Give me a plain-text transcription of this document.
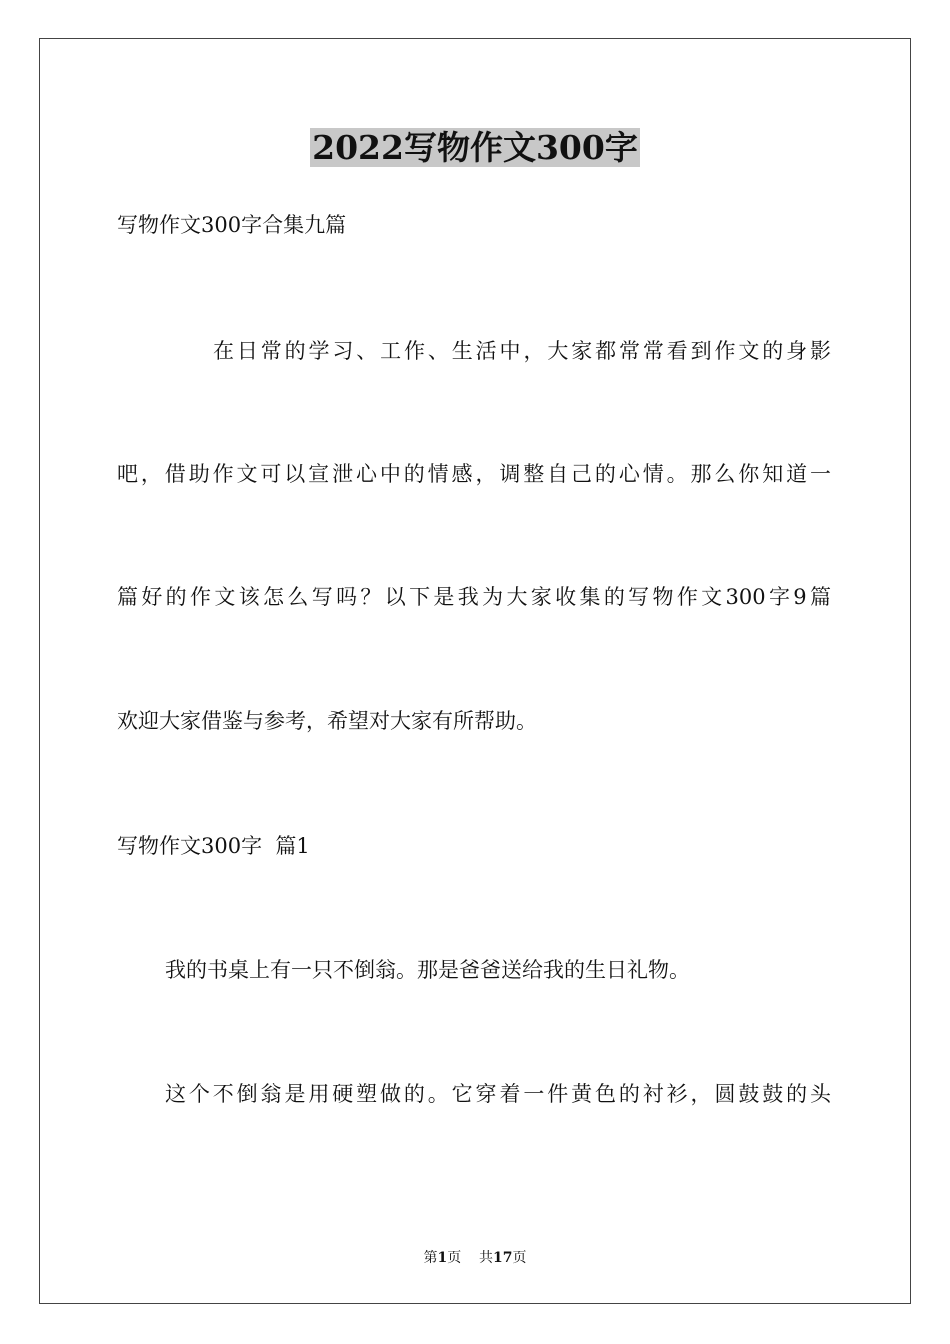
2022写物作文300字
写物作文300字合集九篇
在日常的学习、工作、生活中，大家都常常看到作文的身影
吧，借助作文可以宣泄心中的情感，调整自己的心情。那么你知道一
篇好的作文该怎么写吗？以下是我为大家收集的写物作文300字9篇
欢迎大家借鉴与参考，希望对大家有所帮助。
写物作文300字  篇1
我的书桌上有一只不倒翁。那是爸爸送给我的生日礼物。
这个不倒翁是用硬塑做的。它穿着一件黄色的衬衫，圆鼓鼓的头
第1页 共17页
